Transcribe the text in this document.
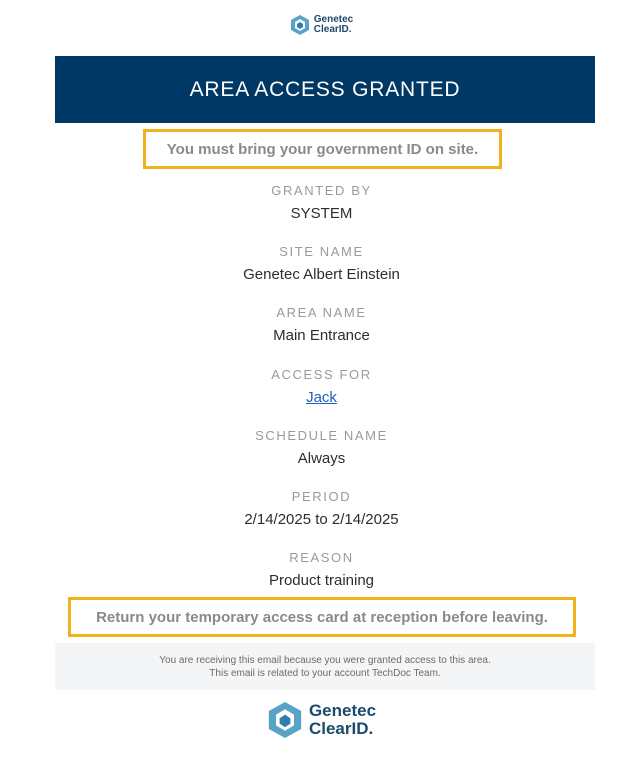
Genetec
ClearID.
AREA ACCESS GRANTED
You must bring your government ID on site.
GRANTED BY
SYSTEM
SITE NAME
Genetec Albert Einstein
AREA NAME
Main Entrance
ACCESS FOR
Jack
SCHEDULE NAME
Always
PERIOD
2/14/2025 to 2/14/2025
REASON
Product training
Return your temporary access card at reception before leaving.
You are receiving this email because you were granted access to this area.
This email is related to your account TechDoc Team.
Genetec
ClearID.
